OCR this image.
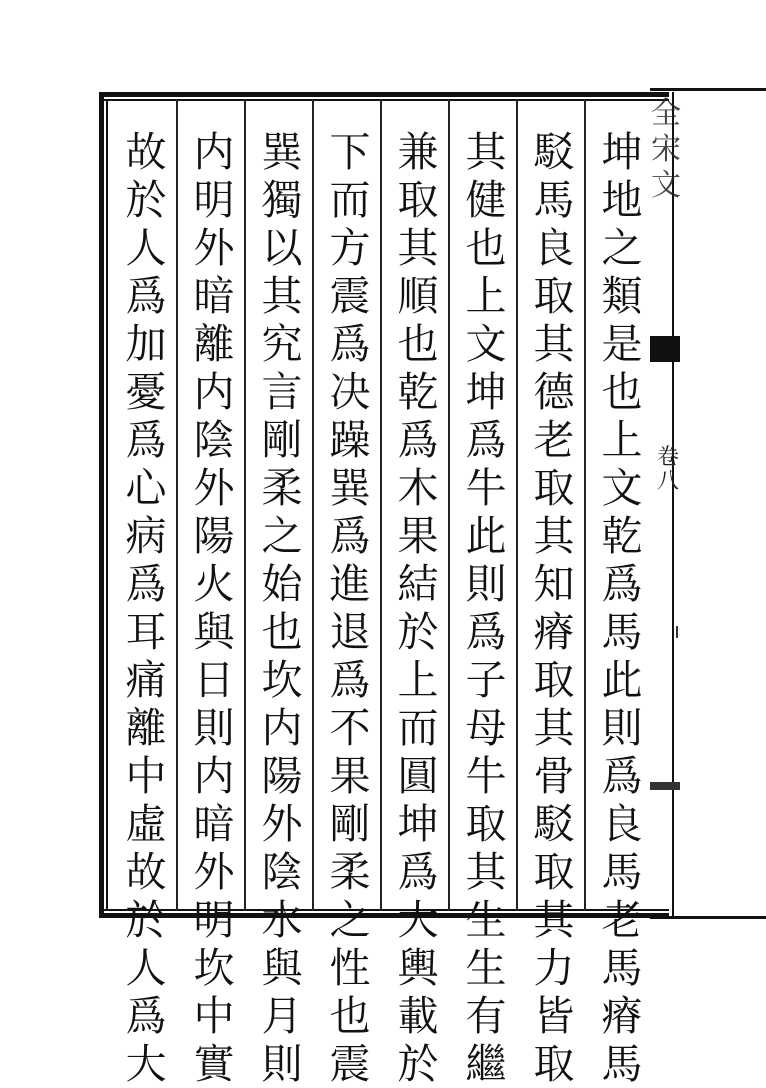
坤
地
之
類
是
也
上
文
乾
爲
馬
此
則
爲
良
馬
老
馬
瘠
馬
駁
馬
良
取
其
德
老
取
其
知
瘠
取
其
骨
駁
取
其
力
皆
取
其
健
也
上
文
坤
爲
牛
此
則
爲
子
母
牛
取
其
生
生
有
繼
兼
取
其
順
也
乾
爲
木
果
結
於
上
而
圓
坤
爲
大
輿
載
於
下
而
方
震
爲
决
躁
巽
爲
進
退
爲
不
果
剛
柔
之
性
也
震
巽
獨
以
其
究
言
剛
柔
之
始
也
坎
内
陽
外
陰
水
與
月
則
内
明
外
暗
離
内
陰
外
陽
火
與
日
則
内
暗
外
明
坎
中
實
故
於
人
爲
加
憂
爲
心
病
爲
耳
痛
離
中
虛
故
於
人
爲
大
全
宋
文
卷
八
